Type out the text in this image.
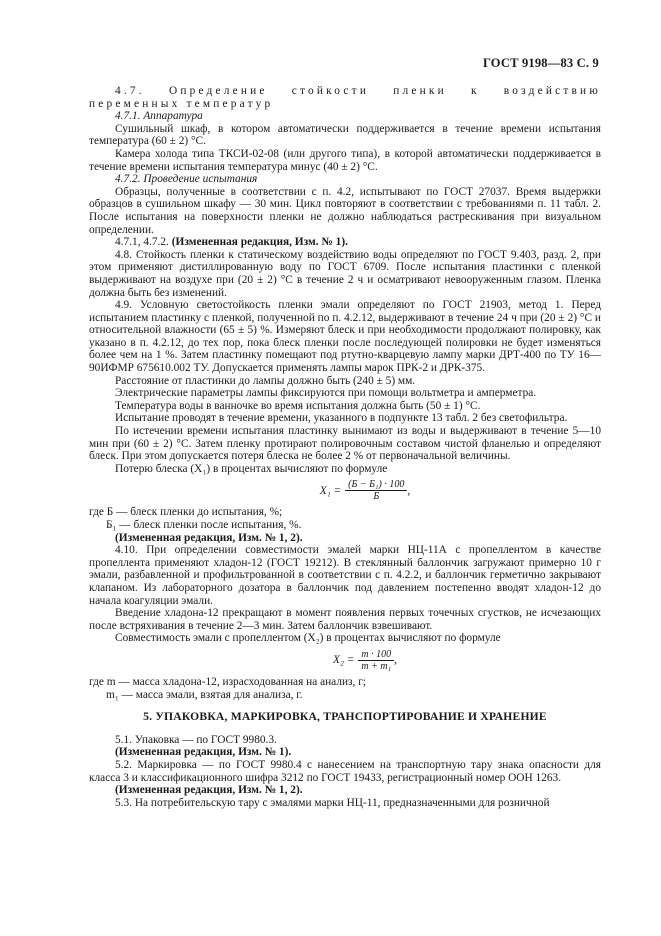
ГОСТ 9198—83 С. 9

4.7. Определение стойкости пленки к воздействию переменных температур

4.7.1. Аппаратура

Сушильный шкаф, в котором автоматически поддерживается в течение времени испытания температура (60 ± 2) °С.

Камера холода типа ТКСИ-02-08 (или другого типа), в которой автоматически поддерживается в течение времени испытания температура минус (40 ± 2) °С.

4.7.2. Проведение испытания

Образцы, полученные в соответствии с п. 4.2, испытывают по ГОСТ 27037. Время выдержки образцов в сушильном шкафу — 30 мин. Цикл повторяют в соответствии с требованиями п. 11 табл. 2. После испытания на поверхности пленки не должно наблюдаться растрескивания при визуальном определении.

4.7.1, 4.7.2. (Измененная редакция, Изм. № 1).

4.8. Стойкость пленки к статическому воздействию воды определяют по ГОСТ 9.403, разд. 2, при этом применяют дистиллированную воду по ГОСТ 6709. После испытания пластинки с пленкой выдерживают на воздухе при (20 ± 2) °С в течение 2 ч и осматривают невооруженным глазом. Пленка должна быть без изменений.

4.9. Условную светостойкость пленки эмали определяют по ГОСТ 21903, метод 1. Перед испытанием пластинку с пленкой, полученной по п. 4.2.12, выдерживают в течение 24 ч при (20 ± 2) °С и относительной влажности (65 ± 5) %. Измеряют блеск и при необходимости продолжают полировку, как указано в п. 4.2.12, до тех пор, пока блеск пленки после последующей полировки не будет изменяться более чем на 1 %. Затем пластинку помещают под ртутно-кварцевую лампу марки ДРТ-400 по ТУ 16—90ИФМР 675610.002 ТУ. Допускается применять лампы марок ПРК-2 и ДРК-375.

Расстояние от пластинки до лампы должно быть (240 ± 5) мм.

Электрические параметры лампы фиксируются при помощи вольтметра и амперметра.

Температура воды в ванночке во время испытания должна быть (50 ± 1) °С.

Испытание проводят в течение времени, указанного в подпункте 13 табл. 2 без светофильтра.

По истечении времени испытания пластинку вынимают из воды и выдерживают в течение 5—10 мин при (60 ± 2) °С. Затем пленку протирают полировочным составом чистой фланелью и определяют блеск. При этом допускается потеря блеска не более 2 % от первоначальной величины.

Потерю блеска (X₁) в процентах вычисляют по формуле

$X_1 = \frac{\text{(Б − Б₁) · 100}}{Б}$ ,

где Б — блеск пленки до испытания, %;

Б₁ — блеск пленки после испытания, %.

(Измененная редакция, Изм. № 1, 2).

4.10. При определении совместимости эмалей марки НЦ-11А с пропеллентом в качестве пропеллента применяют хладон-12 (ГОСТ 19212). В стеклянный баллончик загружают примерно 10 г эмали, разбавленной и профильтрованной в соответствии с п. 4.2.2, и баллончик герметично закрывают клапаном. Из лабораторного дозатора в баллончик под давлением постепенно вводят хладон-12 до начала коагуляции эмали.

Введение хладона-12 прекращают в момент появления первых точечных сгустков, не исчезающих после встряхивания в течение 2—3 мин. Затем баллончик взвешивают.

Совместимость эмали с пропеллентом (X₂) в процентах вычисляют по формуле

$X_2 = \frac{m \cdot 100}{\text{m + m₁}}$ ,

где m — масса хладона-12, израсходованная на анализ, г;

m₁ — масса эмали, взятая для анализа, г.

5. УПАКОВКА, МАРКИРОВКА, ТРАНСПОРТИРОВАНИЕ И ХРАНЕНИЕ

5.1. Упаковка — по ГОСТ 9980.3.

(Измененная редакция, Изм. № 1).

5.2. Маркировка — по ГОСТ 9980.4 с нанесением на транспортную тару знака опасности для класса 3 и классификационного шифра 3212 по ГОСТ 19433, регистрационный номер ООН 1263.

(Измененная редакция, Изм. № 1, 2).

5.3. На потребительскую тару с эмалями марки НЦ-11, предназначенными для розничной
